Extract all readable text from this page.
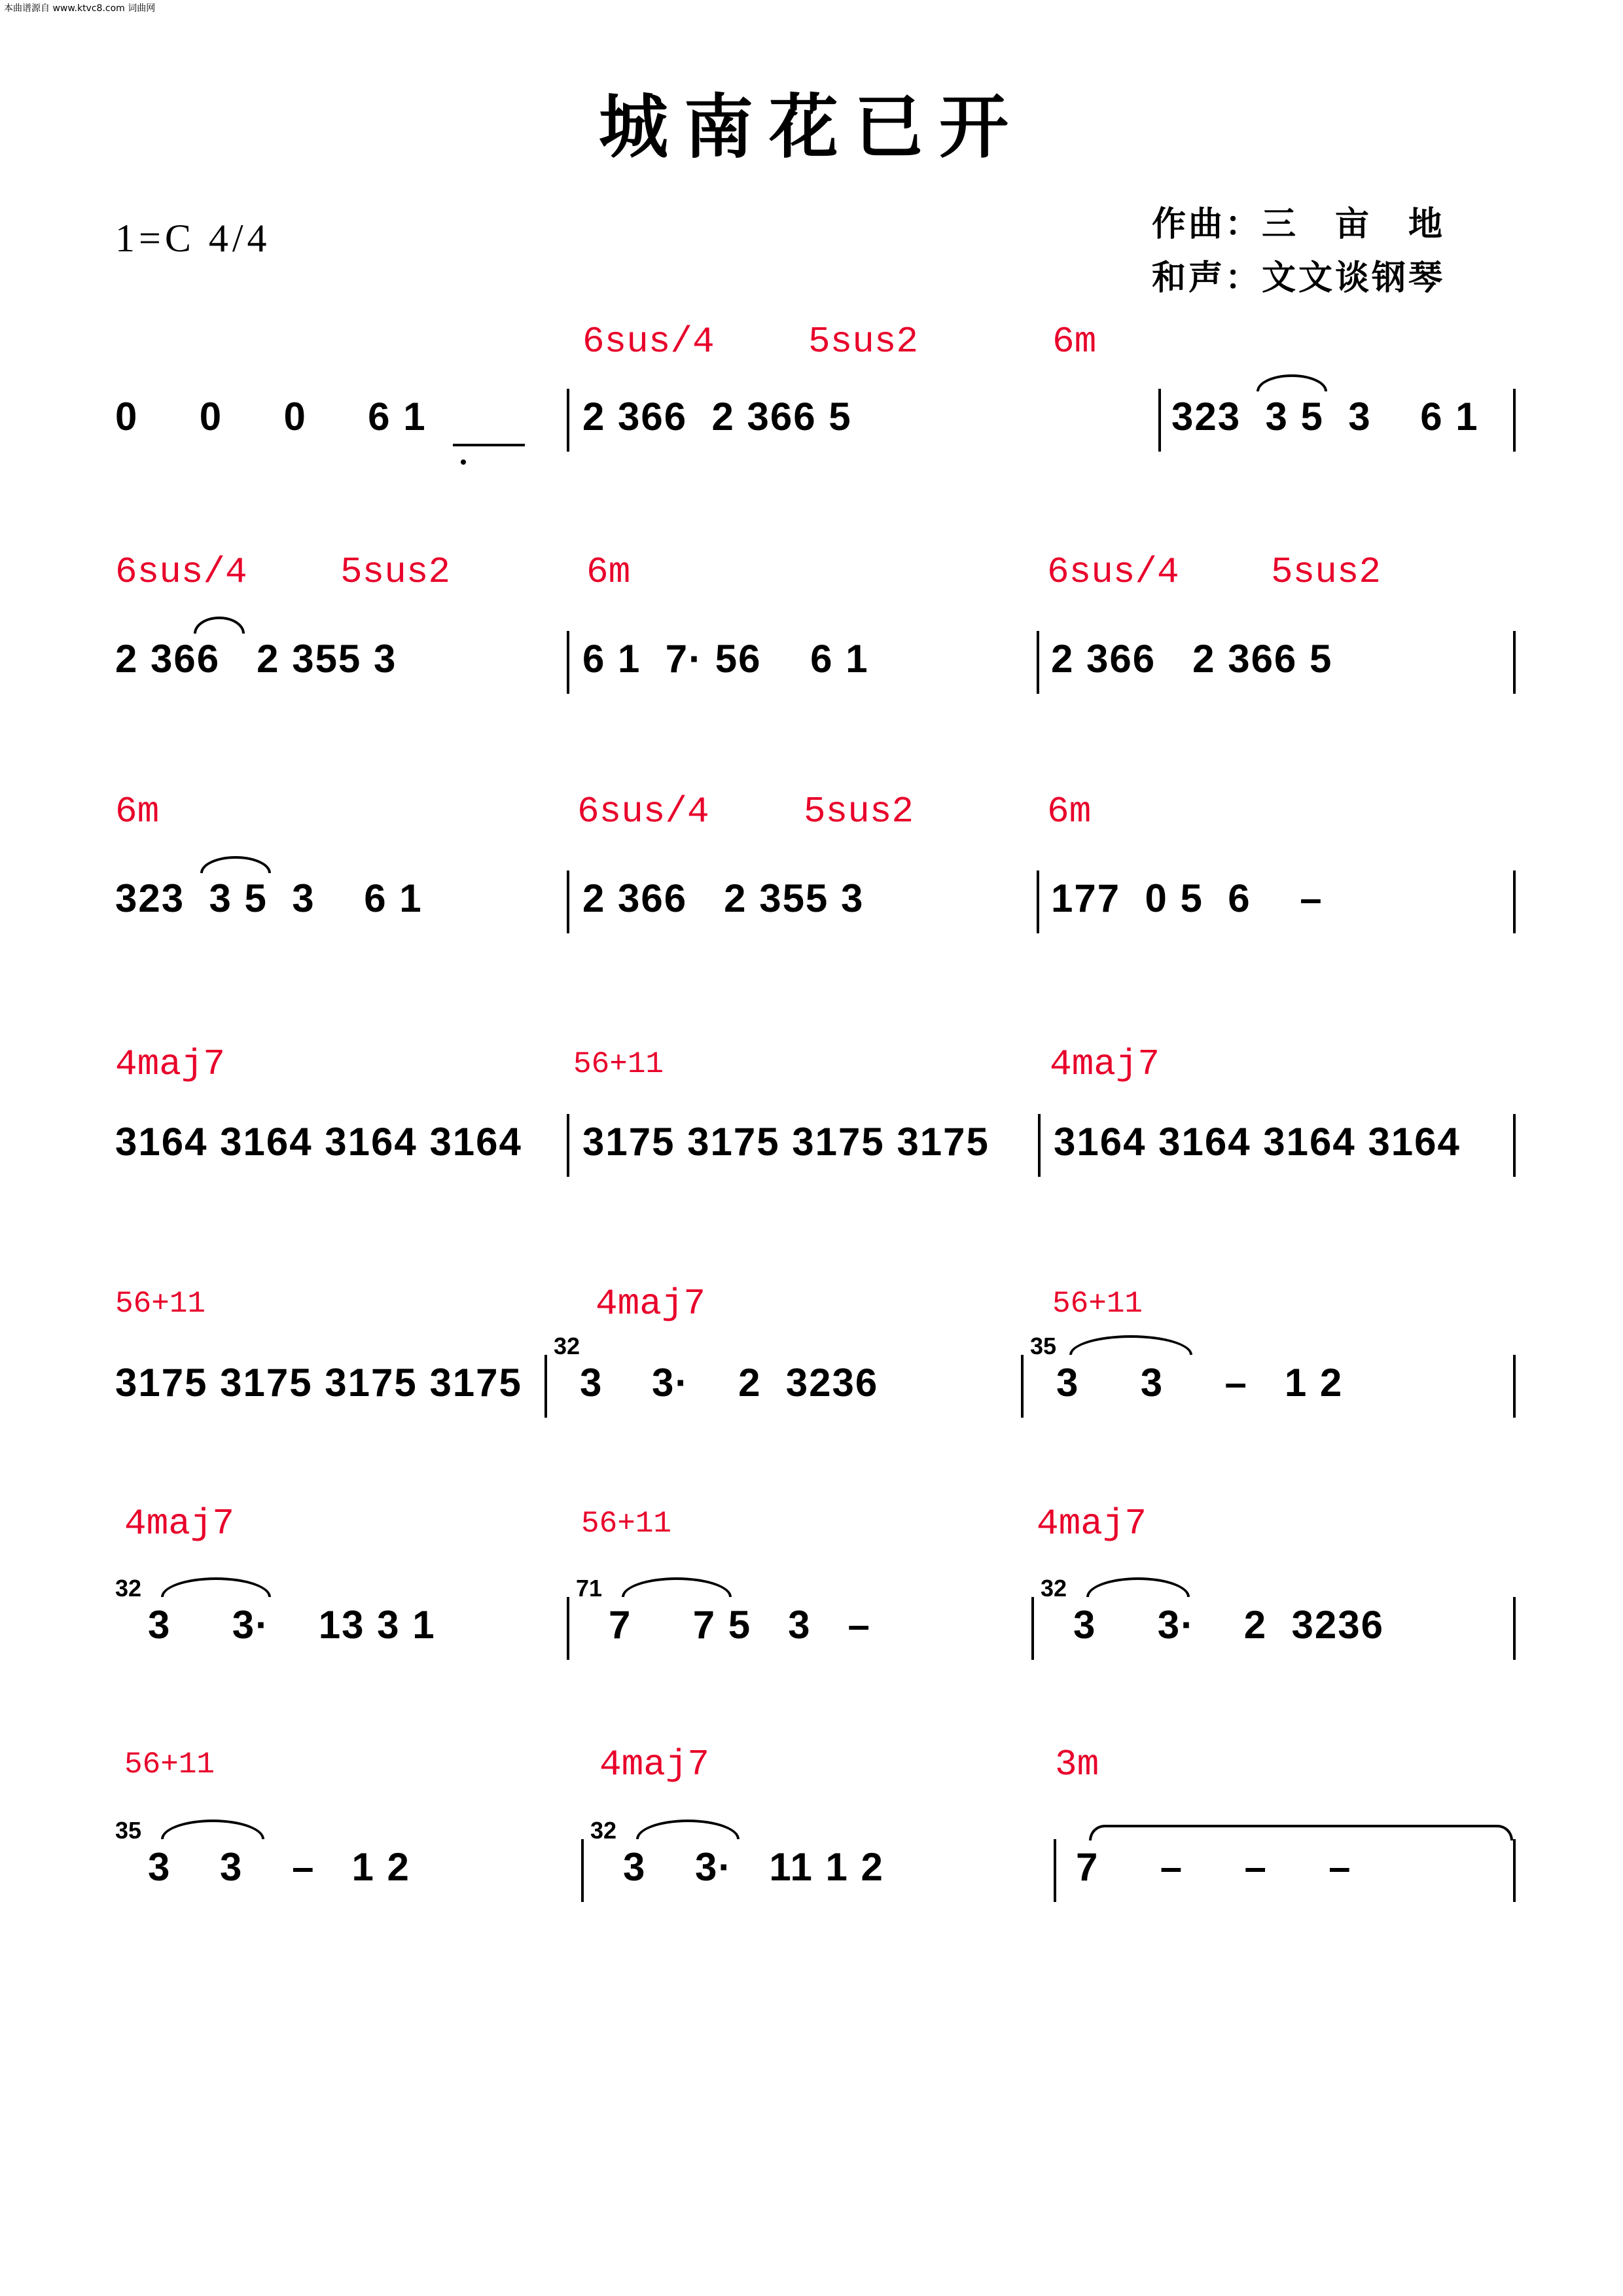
本曲谱源自 www.ktvc8.com 词曲网
城南花已开
1=C 4/4	作曲：三　亩　地
和声：文文谈钢琴
6sus/4	5sus2	6m
0     0     0     6 1	2 366  2 366 5	323  3 5  3    6 1
6sus/4	5sus2	6m	6sus/4	5sus2
2 366   2 355 3	6 1  7· 56    6 1	2 366   2 366 5
6m	6sus/4	5sus2	6m
323  3 5  3    6 1	2 366   2 355 3	177  0 5  6    –
4maj7	56+11	4maj7
3164 3164 3164 3164 3175 3175 3175 3175 3164 3164 3164 3164
56+11	4maj7	56+11
3175 3175 3175 3175
32
3    3·    2  3236
35
3     3     –   1 2
4maj7	56+11	4maj7
32
3     3·    13 3 1
71
7     7 5   3   –
32
3     3·    2  3236
56+11	4maj7	3m
35
3    3    –   1 2
32
3    3·   11 1 2	7     –     –     –
